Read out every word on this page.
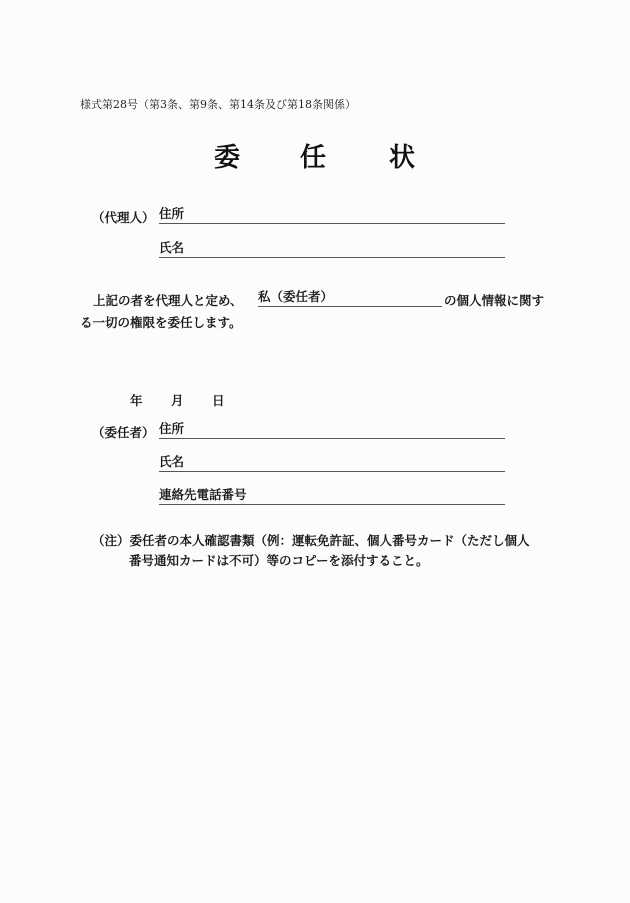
様式第28号（第3条、第9条、第14条及び第18条関係）
委 任 状
（代理人） 住所
氏名
上記の者を代理人と定め、 私（委任者）	の個人情報に関す
る一切の権限を委任します。
年 月 日
（委任者） 住所
氏名
連絡先電話番号
（注）委任者の本人確認書類（例：運転免許証、個人番号カード（ただし個人
番号通知カードは不可）等のコピーを添付すること。
